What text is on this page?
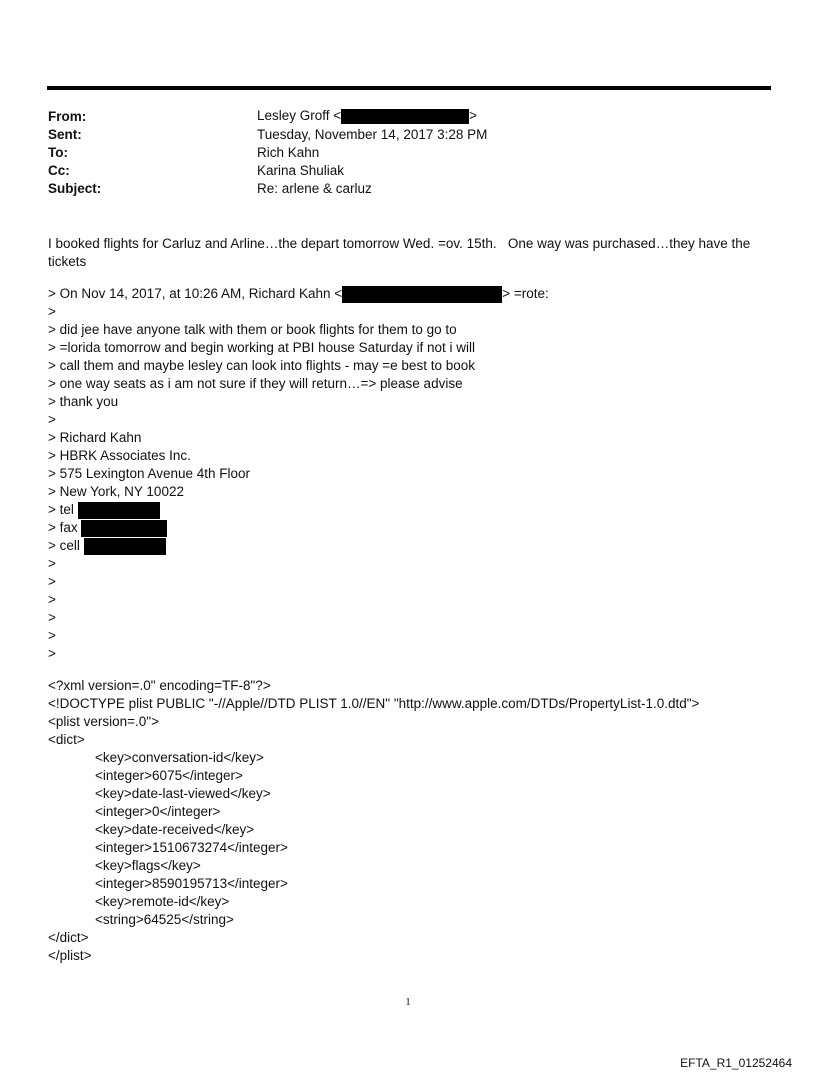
From:	Lesley Groff <	>
Sent:	Tuesday, November 14, 2017 3:28 PM
To:	Rich Kahn
Cc:	Karina Shuliak
Subject:	Re: arlene & carluz
I booked flights for Carluz and Arline…the depart tomorrow Wed. =ov. 15th.   One way was purchased…they have the
tickets
> On Nov 14, 2017, at 10:26 AM, Richard Kahn <	> =rote:
>
> did jee have anyone talk with them or book flights for them to go to
> =lorida tomorrow and begin working at PBI house Saturday if not i will
> call them and maybe lesley can look into flights - may =e best to book
> one way seats as i am not sure if they will return…=> please advise
> thank you
>
> Richard Kahn
> HBRK Associates Inc.
> 575 Lexington Avenue 4th Floor
> New York, NY 10022
> tel
> fax
> cell
>
>
>
>
>
>
<?xml version=.0" encoding=TF-8"?>
<!DOCTYPE plist PUBLIC "-//Apple//DTD PLIST 1.0//EN" "http://www.apple.com/DTDs/PropertyList-1.0.dtd">
<plist version=.0">
<dict>
<key>conversation-id</key>
<integer>6075</integer>
<key>date-last-viewed</key>
<integer>0</integer>
<key>date-received</key>
<integer>1510673274</integer>
<key>flags</key>
<integer>8590195713</integer>
<key>remote-id</key>
<string>64525</string>
</dict>
</plist>
1
EFTA_R1_01252464
